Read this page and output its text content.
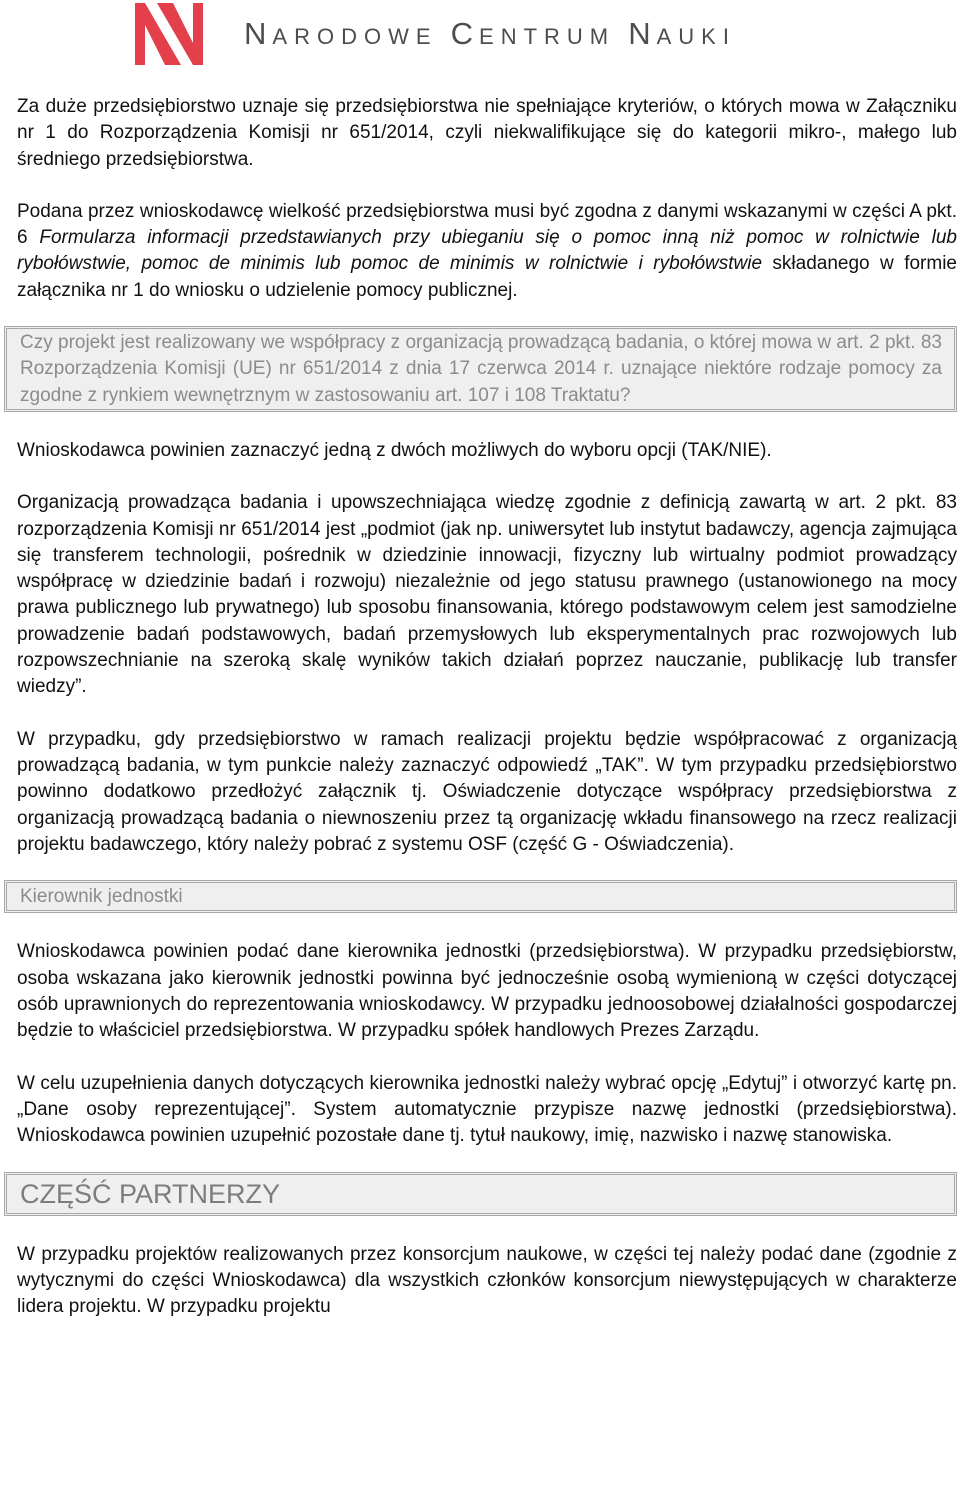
NARODOWE CENTRUM NAUKI

Za duże przedsiębiorstwo uznaje się przedsiębiorstwa nie spełniające kryteriów, o których mowa w Załączniku nr 1 do Rozporządzenia Komisji nr 651/2014, czyli niekwalifikujące się do kategorii mikro-, małego lub średniego przedsiębiorstwa.

Podana przez wnioskodawcę wielkość przedsiębiorstwa musi być zgodna z danymi wskazanymi w części A pkt. 6 Formularza informacji przedstawianych przy ubieganiu się o pomoc inną niż pomoc w rolnictwie lub rybołówstwie, pomoc de minimis lub pomoc de minimis w rolnictwie i rybołówstwie składanego w formie załącznika nr 1 do wniosku o udzielenie pomocy publicznej.

Czy projekt jest realizowany we współpracy z organizacją prowadzącą badania, o której mowa w art. 2 pkt. 83 Rozporządzenia Komisji (UE) nr 651/2014 z dnia 17 czerwca 2014 r. uznające niektóre rodzaje pomocy za zgodne z rynkiem wewnętrznym w zastosowaniu art. 107 i 108 Traktatu?

Wnioskodawca powinien zaznaczyć jedną z dwóch możliwych do wyboru opcji (TAK/NIE).

Organizacją prowadząca badania i upowszechniająca wiedzę zgodnie z definicją zawartą w art. 2 pkt. 83 rozporządzenia Komisji nr 651/2014 jest „podmiot (jak np. uniwersytet lub instytut badawczy, agencja zajmująca się transferem technologii, pośrednik w dziedzinie innowacji, fizyczny lub wirtualny podmiot prowadzący współpracę w dziedzinie badań i rozwoju) niezależnie od jego statusu prawnego (ustanowionego na mocy prawa publicznego lub prywatnego) lub sposobu finansowania, którego podstawowym celem jest samodzielne prowadzenie badań podstawowych, badań przemysłowych lub eksperymentalnych prac rozwojowych lub rozpowszechnianie na szeroką skalę wyników takich działań poprzez nauczanie, publikację lub transfer wiedzy”.

W przypadku, gdy przedsiębiorstwo w ramach realizacji projektu będzie współpracować z organizacją prowadzącą badania, w tym punkcie należy zaznaczyć odpowiedź „TAK”. W tym przypadku przedsiębiorstwo powinno dodatkowo przedłożyć załącznik tj. Oświadczenie dotyczące współpracy przedsiębiorstwa z organizacją prowadzącą badania o niewnoszeniu przez tą organizację wkładu finansowego na rzecz realizacji projektu badawczego, który należy pobrać z systemu OSF (część G - Oświadczenia).

Kierownik jednostki

Wnioskodawca powinien podać dane kierownika jednostki (przedsiębiorstwa). W przypadku przedsiębiorstw, osoba wskazana jako kierownik jednostki powinna być jednocześnie osobą wymienioną w części dotyczącej osób uprawnionych do reprezentowania wnioskodawcy. W przypadku jednoosobowej działalności gospodarczej będzie to właściciel przedsiębiorstwa. W przypadku spółek handlowych Prezes Zarządu.

W celu uzupełnienia danych dotyczących kierownika jednostki należy wybrać opcję „Edytuj” i otworzyć kartę pn. „Dane osoby reprezentującej”. System automatycznie przypisze nazwę jednostki (przedsiębiorstwa). Wnioskodawca powinien uzupełnić pozostałe dane tj. tytuł naukowy, imię, nazwisko i nazwę stanowiska.

CZĘŚĆ PARTNERZY

W przypadku projektów realizowanych przez konsorcjum naukowe, w części tej należy podać dane (zgodnie z wytycznymi do części Wnioskodawca) dla wszystkich członków konsorcjum niewystępujących w charakterze lidera projektu. W przypadku projektu
